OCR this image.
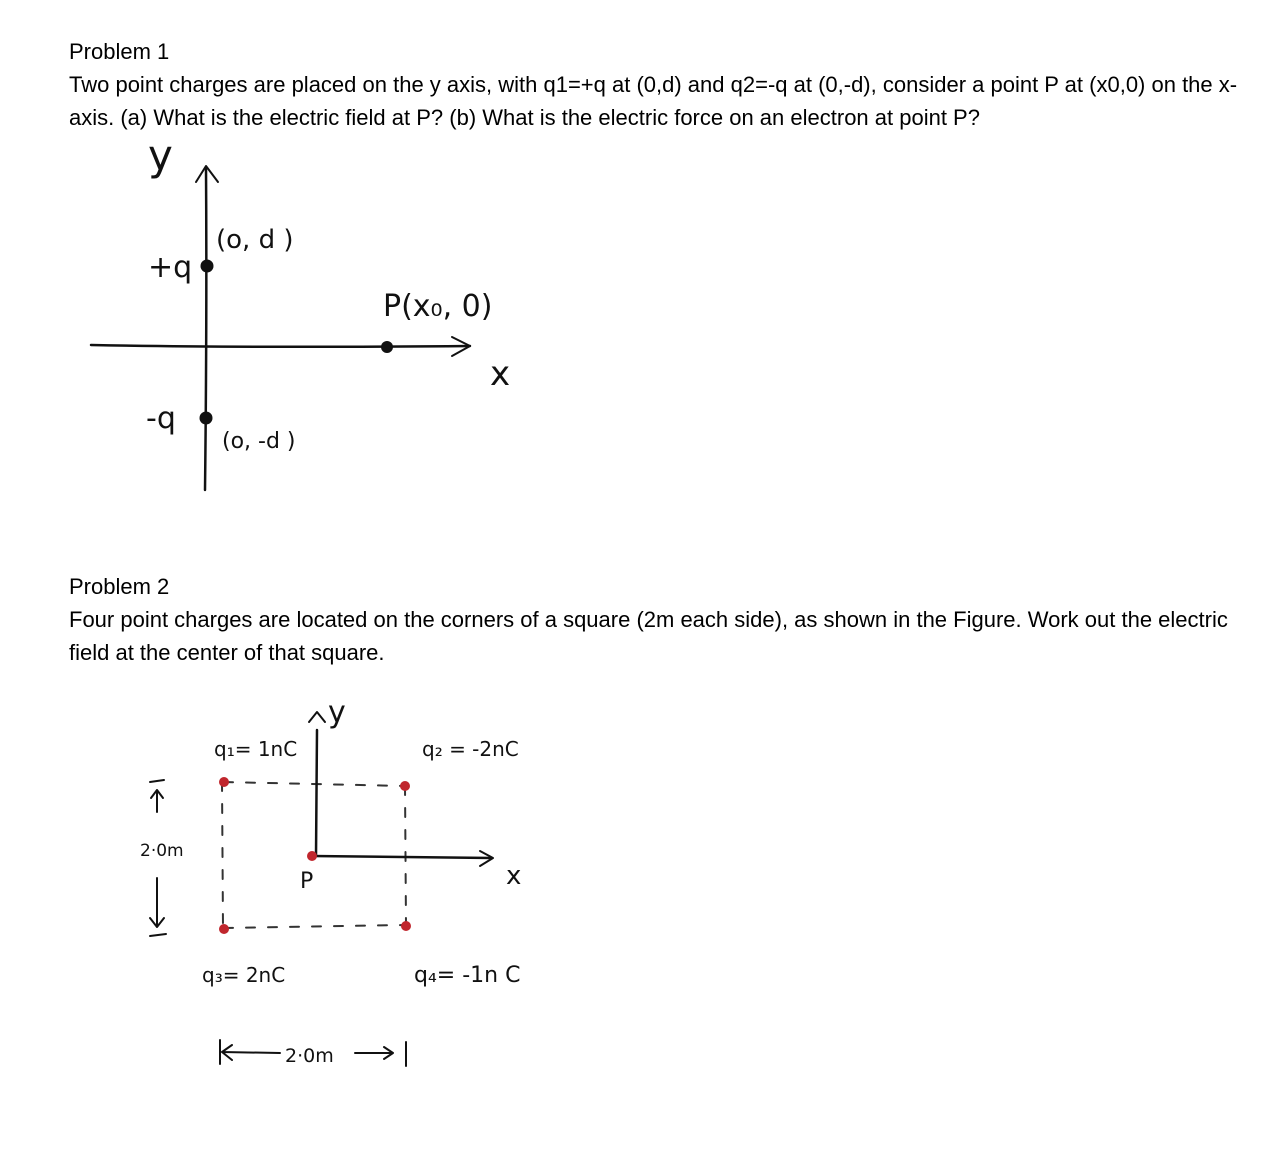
Problem 1

Two point charges are placed on the y axis, with q1=+q at (0,d) and q2=-q at (0,-d), consider a point P at (x0,0) on the x-axis. (a) What is the electric field at P? (b) What is the electric force on an electron at point P?

y
x
+q
(o, d )
-q
(o, -d )
P(x₀, 0)
Problem 2

Four point charges are located on the corners of a square (2m each side), as shown in the Figure. Work out the electric field at the center of that square.

y
x
q₁= 1nC	q₂ = -2nC
q₃= 2nC	q₄= -1n C
P
2·0m
2·0m
